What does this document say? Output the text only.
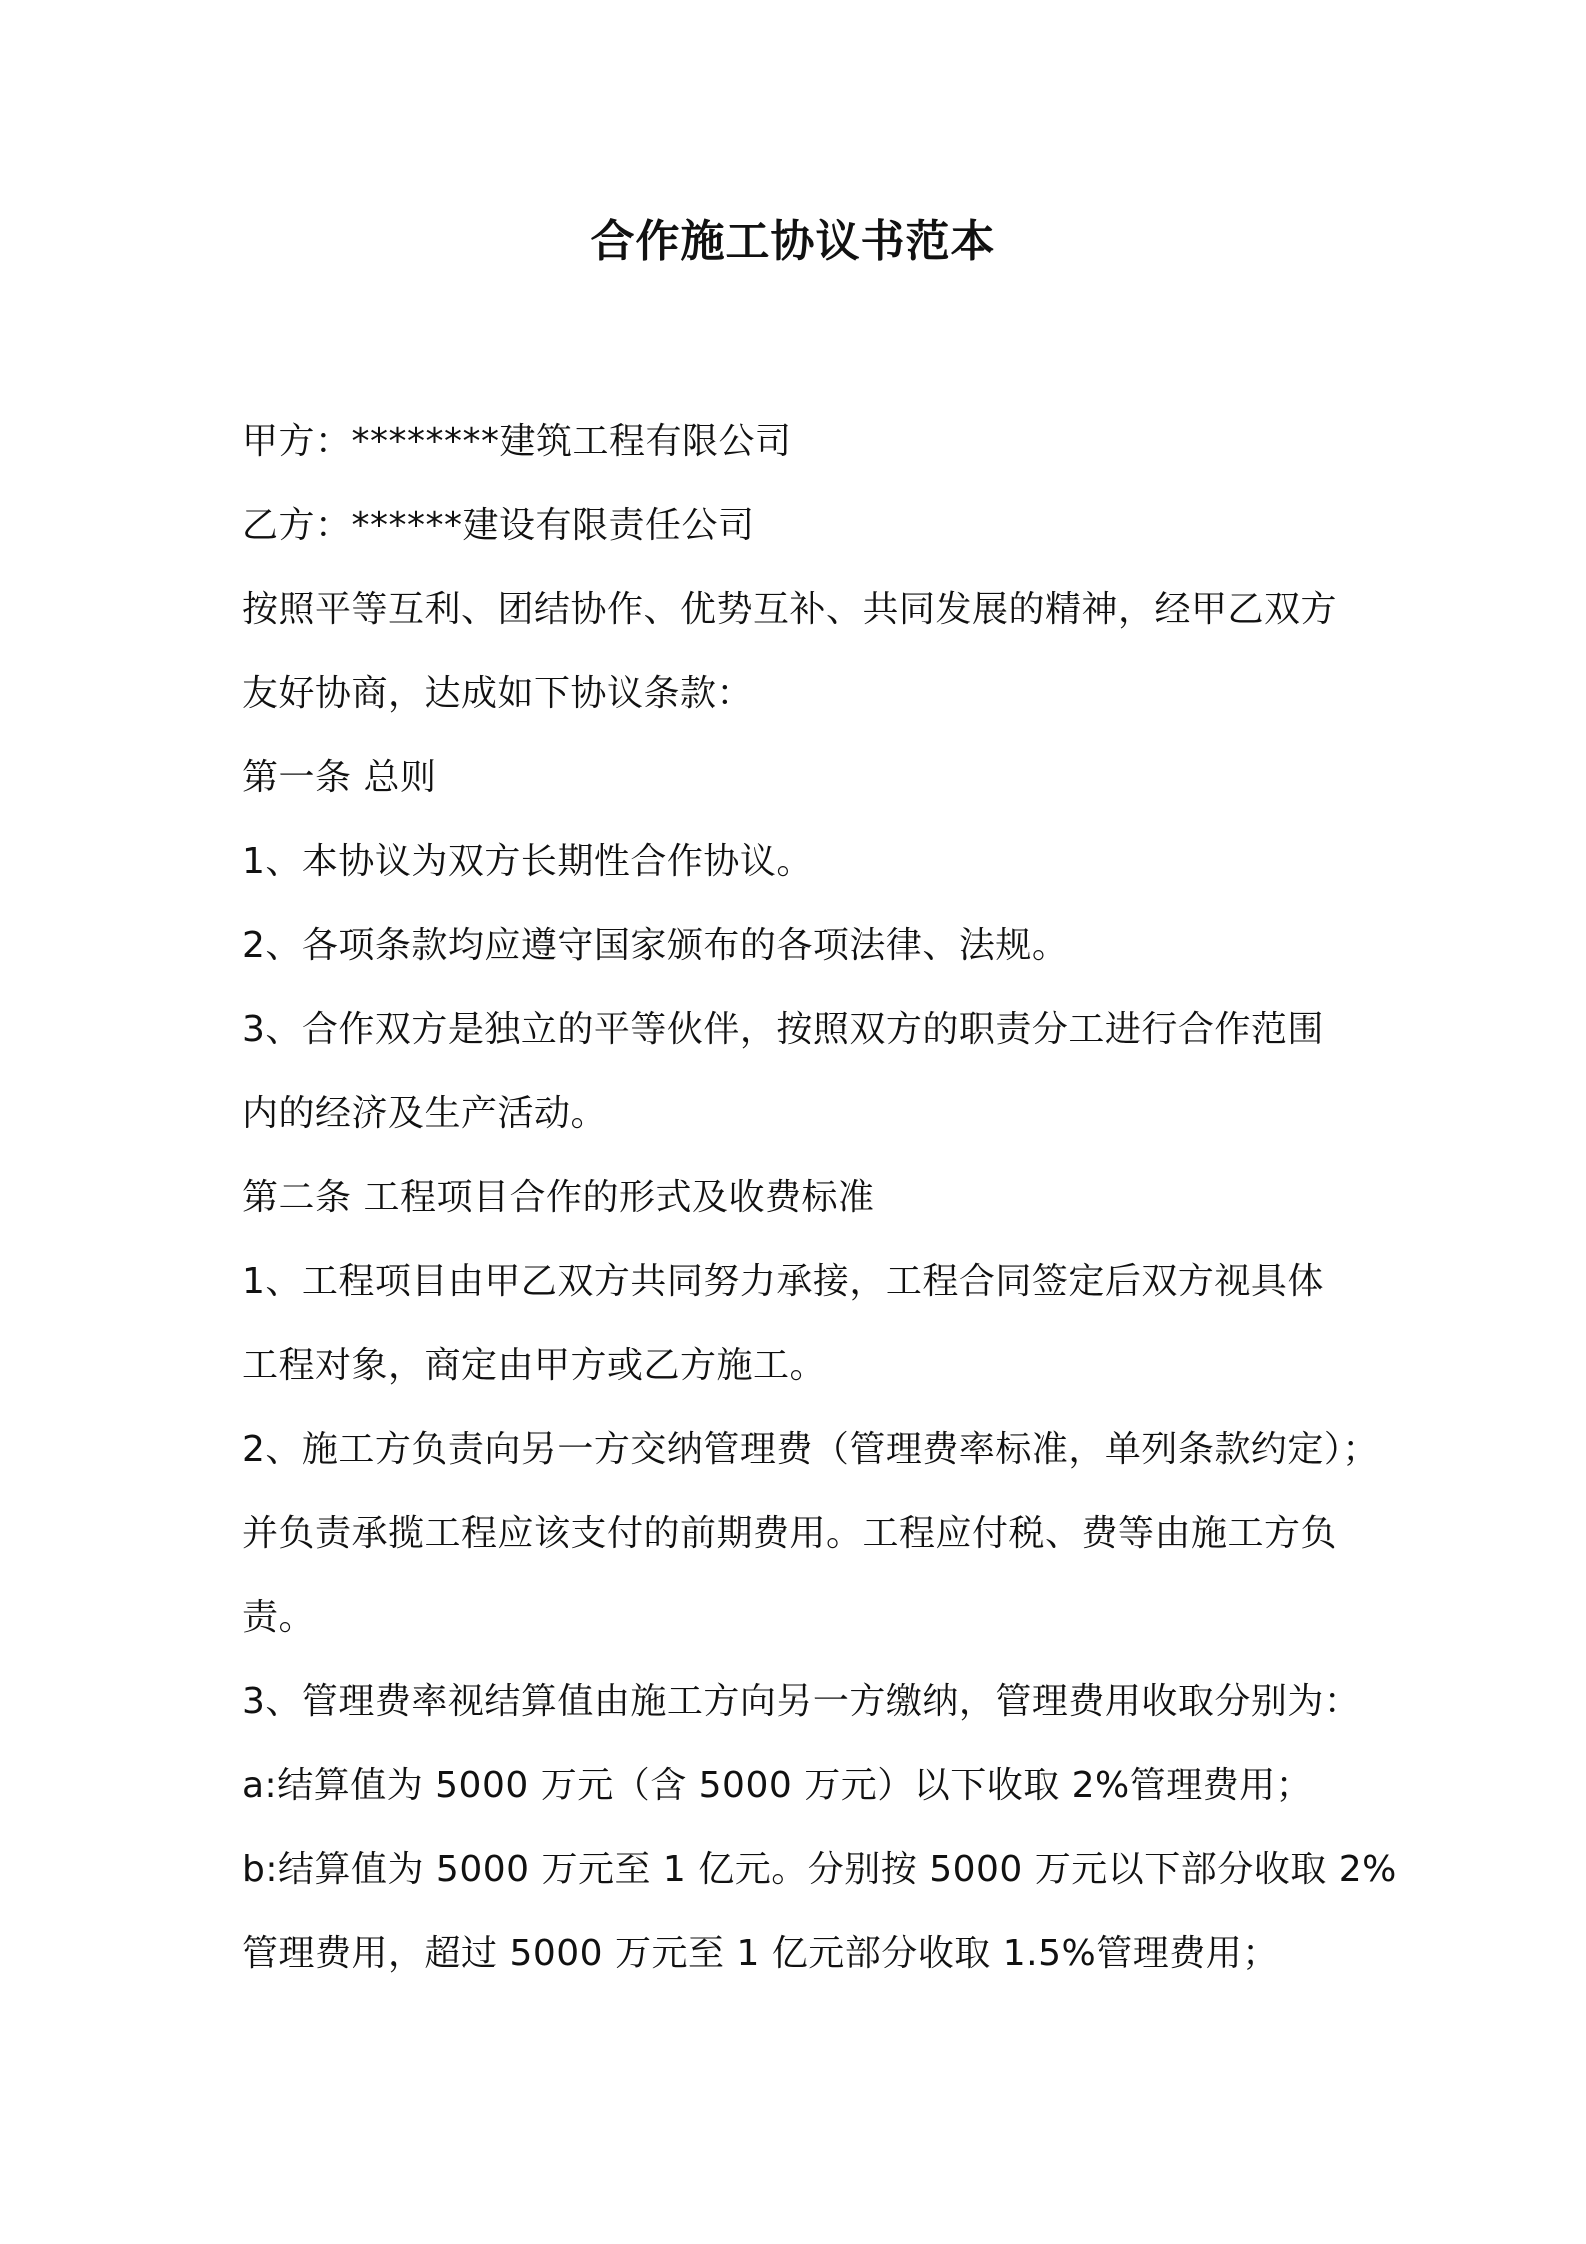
合作施工协议书范本
甲方：********建筑工程有限公司
乙方：******建设有限责任公司
按照平等互利、团结协作、优势互补、共同发展的精神，经甲乙双方
友好协商，达成如下协议条款：
第一条 总则
1、本协议为双方长期性合作协议。
2、各项条款均应遵守国家颁布的各项法律、法规。
3、合作双方是独立的平等伙伴，按照双方的职责分工进行合作范围
内的经济及生产活动。
第二条 工程项目合作的形式及收费标准
1、工程项目由甲乙双方共同努力承接，工程合同签定后双方视具体
工程对象，商定由甲方或乙方施工。
2、施工方负责向另一方交纳管理费（管理费率标准，单列条款约定）；
并负责承揽工程应该支付的前期费用。工程应付税、费等由施工方负
责。
3、管理费率视结算值由施工方向另一方缴纳，管理费用收取分别为：
a:结算值为 5000 万元（含 5000 万元）以下收取 2%管理费用；
b:结算值为 5000 万元至 1 亿元。分别按 5000 万元以下部分收取 2%
管理费用，超过 5000 万元至 1 亿元部分收取 1.5%管理费用；
